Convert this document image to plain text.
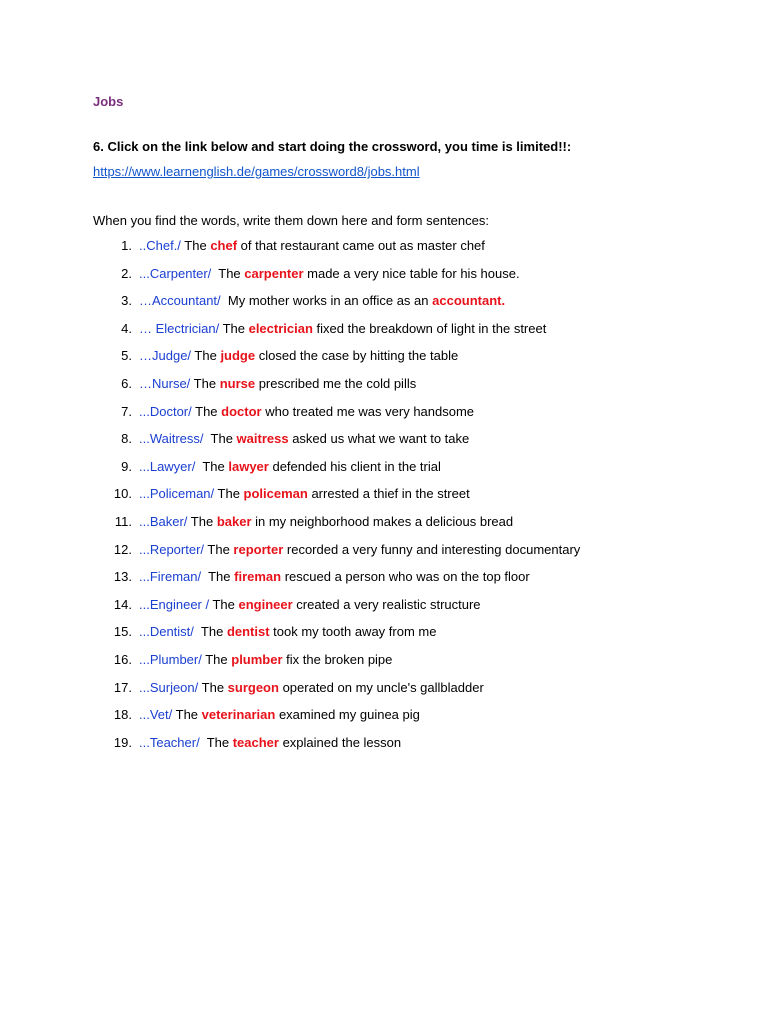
Jobs
6. Click on the link below and start doing the crossword, you time is limited!!:
https://www.learnenglish.de/games/crossword8/jobs.html
When you find the words, write them down here and form sentences:
1. ..Chef./ The chef of that restaurant came out as master chef
2. ...Carpenter/  The carpenter made a very nice table for his house.
3. …Accountant/  My mother works in an office as an accountant.
4. … Electrician/ The electrician fixed the breakdown of light in the street
5. …Judge/ The judge closed the case by hitting the table
6. …Nurse/ The nurse prescribed me the cold pills
7. ...Doctor/ The doctor who treated me was very handsome
8. ...Waitress/  The waitress asked us what we want to take
9. ...Lawyer/  The lawyer defended his client in the trial
10. ...Policeman/ The policeman arrested a thief in the street
11. ...Baker/ The baker in my neighborhood makes a delicious bread
12. ...Reporter/ The reporter recorded a very funny and interesting documentary
13. ...Fireman/  The fireman rescued a person who was on the top floor
14. ...Engineer / The engineer created a very realistic structure
15. ...Dentist/  The dentist took my tooth away from me
16. ...Plumber/ The plumber fix the broken pipe
17. ...Surjeon/ The surgeon operated on my uncle's gallbladder
18. ...Vet/ The veterinarian examined my guinea pig
19. ...Teacher/  The teacher explained the lesson
